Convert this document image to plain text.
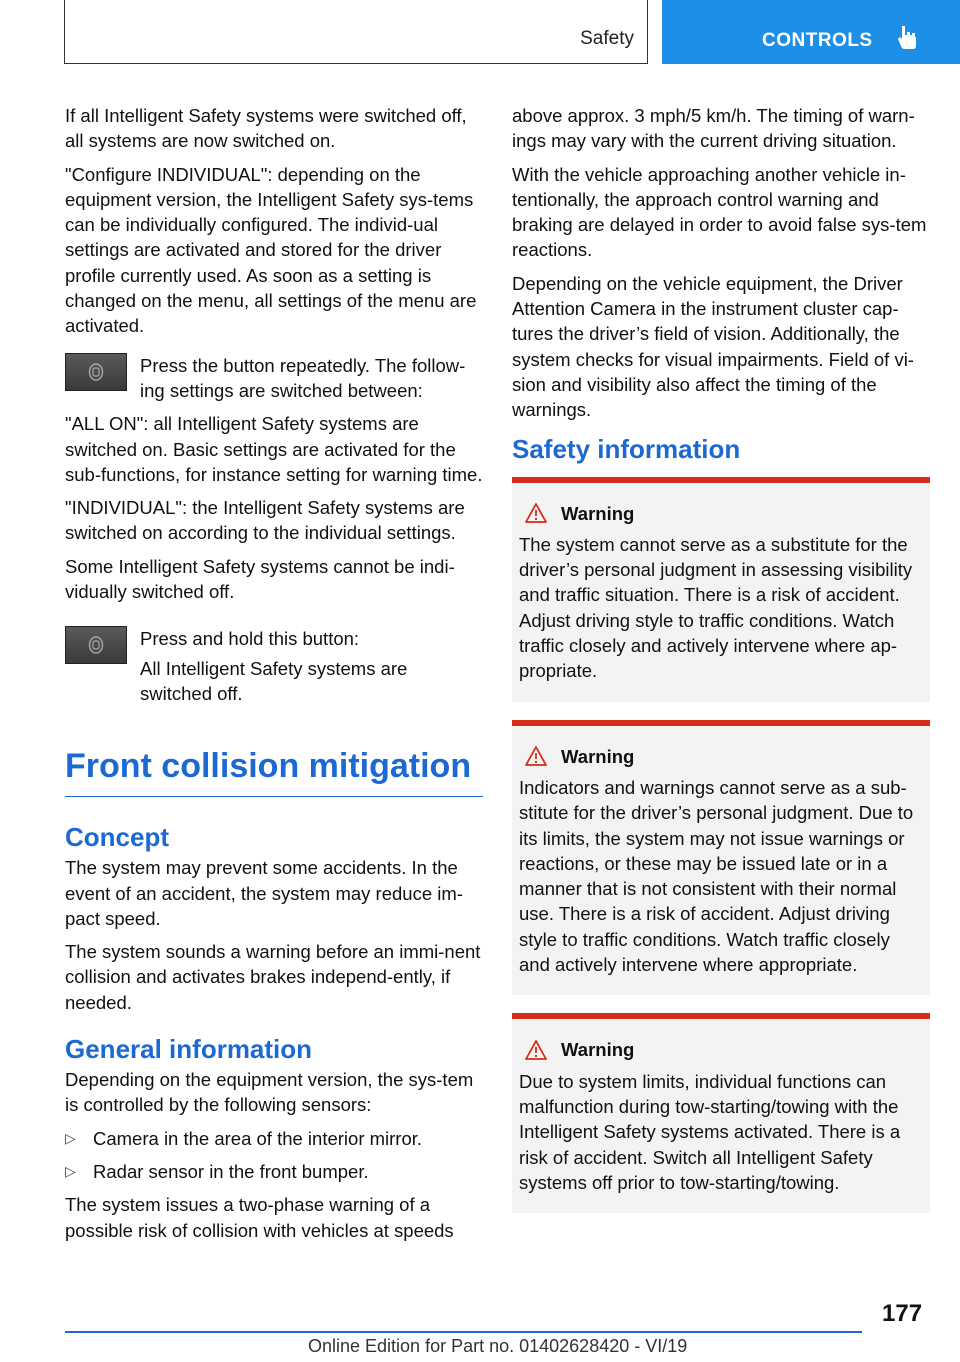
Safety	CONTROLS

If all Intelligent Safety systems were switched off, all systems are now switched on.

"Configure INDIVIDUAL": depending on the equipment version, the Intelligent Safety sys‐tems can be individually configured. The individ‐ual settings are activated and stored for the driver profile currently used. As soon as a setting is changed on the menu, all settings of the menu are activated.

Press the button repeatedly. The follow‐ing settings are switched between:

"ALL ON": all Intelligent Safety systems are switched on. Basic settings are activated for the sub-functions, for instance setting for warning time.

"INDIVIDUAL": the Intelligent Safety systems are switched on according to the individual settings.

Some Intelligent Safety systems cannot be indi‐vidually switched off.

Press and hold this button:

All Intelligent Safety systems are switched off.

Front collision mitigation
Concept

The system may prevent some accidents. In the event of an accident, the system may reduce im‐pact speed.

The system sounds a warning before an immi‐nent collision and activates brakes independ‐ently, if needed.

General information

Depending on the equipment version, the sys‐tem is controlled by the following sensors:

▷ Camera in the area of the interior mirror.
▷ Radar sensor in the front bumper.

The system issues a two-phase warning of a possible risk of collision with vehicles at speeds

above approx. 3 mph/5 km/h. The timing of warn‐ings may vary with the current driving situation.

With the vehicle approaching another vehicle in‐tentionally, the approach control warning and braking are delayed in order to avoid false sys‐tem reactions.

Depending on the vehicle equipment, the Driver Attention Camera in the instrument cluster cap‐tures the driver’s field of vision. Additionally, the system checks for visual impairments. Field of vi‐sion and visibility also affect the timing of the warnings.

Safety information
Warning
The system cannot serve as a substitute for the driver’s personal judgment in assessing visibility and traffic situation. There is a risk of accident. Adjust driving style to traffic conditions. Watch traffic closely and actively intervene where ap‐propriate.
Warning
Indicators and warnings cannot serve as a sub‐stitute for the driver’s personal judgment. Due to its limits, the system may not issue warnings or reactions, or these may be issued late or in a manner that is not consistent with their normal use. There is a risk of accident. Adjust driving style to traffic conditions. Watch traffic closely and actively intervene where appropriate.
Warning
Due to system limits, individual functions can malfunction during tow-starting/towing with the Intelligent Safety systems activated. There is a risk of accident. Switch all Intelligent Safety systems off prior to tow-starting/towing.
177
Online Edition for Part no. 01402628420 - VI/19
